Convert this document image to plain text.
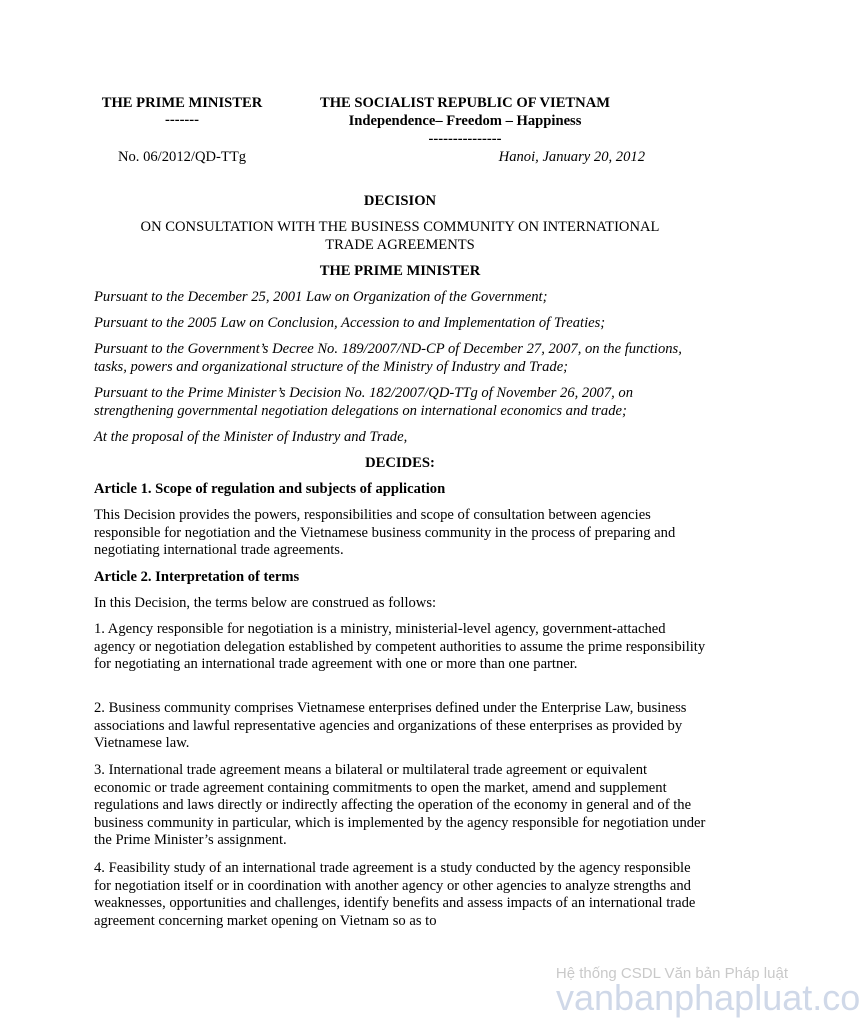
THE PRIME MINISTER
-------
THE SOCIALIST REPUBLIC OF VIETNAM
Independence– Freedom – Happiness
---------------
No. 06/2012/QD-TTg	Hanoi, January 20, 2012
DECISION
ON CONSULTATION WITH THE BUSINESS COMMUNITY ON INTERNATIONAL
TRADE AGREEMENTS
THE PRIME MINISTER
Pursuant to the December 25, 2001 Law on Organization of the Government;
Pursuant to the 2005 Law on Conclusion, Accession to and Implementation of Treaties;
Pursuant to the Government’s Decree No. 189/2007/ND-CP of December 27, 2007, on the functions, tasks, powers and organizational structure of the Ministry of Industry and Trade;
Pursuant to the Prime Minister’s Decision No. 182/2007/QD-TTg of November 26, 2007, on strengthening governmental negotiation delegations on international economics and trade;
At the proposal of the Minister of Industry and Trade,
DECIDES:
Article 1. Scope of regulation and subjects of application
This Decision provides the powers, responsibilities and scope of consultation between agencies responsible for negotiation and the Vietnamese business community in the process of preparing and negotiating international trade agreements.
Article 2. Interpretation of terms
In this Decision, the terms below are construed as follows:
1. Agency responsible for negotiation is a ministry, ministerial-level agency, government-attached agency or negotiation delegation established by competent authorities to assume the prime responsibility for negotiating an international trade agreement with one or more than one partner.
2. Business community comprises Vietnamese enterprises defined under the Enterprise Law, business associations and lawful representative agencies and organizations of these enterprises as provided by Vietnamese law.
3. International trade agreement means a bilateral or multilateral trade agreement or equivalent economic or trade agreement containing commitments to open the market, amend and supplement regulations and laws directly or indirectly affecting the operation of the economy in general and of the business community in particular, which is implemented by the agency responsible for negotiation under the Prime Minister’s assignment.
4. Feasibility study of an international trade agreement is a study conducted by the agency responsible for negotiation itself or in coordination with another agency or other agencies to analyze strengths and weaknesses, opportunities and challenges, identify benefits and assess impacts of an international trade agreement concerning market opening on Vietnam so as to
Hệ thống CSDL Văn bản Pháp luật
vanbanphapluat.co
